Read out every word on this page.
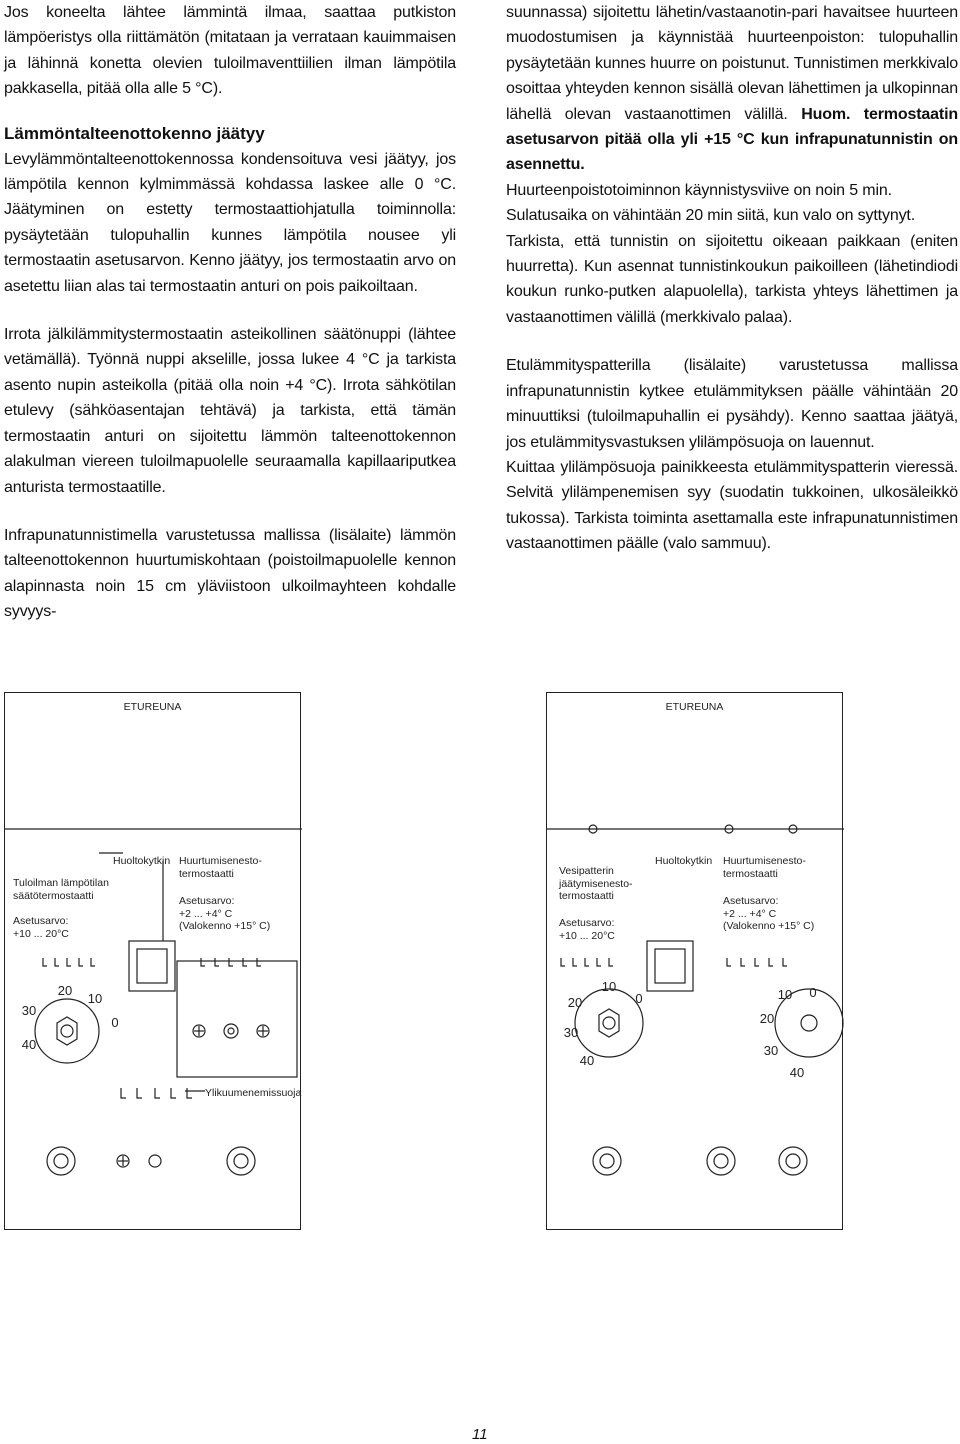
Jos koneelta lähtee lämmintä ilmaa, saattaa putkiston lämpöeristys olla riittämätön (mitataan ja verrataan kauimmaisen ja lähinnä konetta olevien tuloilmaventtiilien ilman lämpötila pakkasella, pitää olla alle 5 °C).

Lämmöntalteenottokenno jäätyy

Levylämmöntalteenottokennossa kondensoituva vesi jäätyy, jos lämpötila kennon kylmimmässä kohdassa laskee alle 0 °C. Jäätyminen on estetty termostaattiohjatulla toiminnolla: pysäytetään tulopuhallin kunnes lämpötila nousee yli termostaatin asetusarvon. Kenno jäätyy, jos termostaatin arvo on asetettu liian alas tai termostaatin anturi on pois paikoiltaan.

Irrota jälkilämmitystermostaatin asteikollinen säätönuppi (lähtee vetämällä). Työnnä nuppi akselille, jossa lukee 4 °C ja tarkista asento nupin asteikolla (pitää olla noin +4 °C). Irrota sähkötilan etulevy (sähköasentajan tehtävä) ja tarkista, että tämän termostaatin anturi on sijoitettu lämmön talteenottokennon alakulman viereen tuloilmapuolelle seuraamalla kapillaariputkea anturista termostaatille.

Infrapunatunnistimella varustetussa mallissa (lisälaite) lämmön talteenottokennon huurtumiskohtaan (poistoilmapuolelle kennon alapinnasta noin 15 cm yläviistoon ulkoilmayhteen kohdalle syvyys-

suunnassa) sijoitettu lähetin/vastaanotin-pari havaitsee huurteen muodostumisen ja käynnistää huurteenpoiston: tulopuhallin pysäytetään kunnes huurre on poistunut. Tunnistimen merkkivalo osoittaa yhteyden kennon sisällä olevan lähettimen ja ulkopinnan lähellä olevan vastaanottimen välillä. Huom. termostaatin asetusarvon pitää olla yli +15 °C kun infrapunatunnistin on asennettu.

Huurteenpoistotoiminnon käynnistysviive on noin 5 min. Sulatusaika on vähintään 20 min siitä, kun valo on syttynyt.

Tarkista, että tunnistin on sijoitettu oikeaan paikkaan (eniten huurretta). Kun asennat tunnistinkoukun paikoilleen (lähetindiodi koukun runko-putken alapuolella), tarkista yhteys lähettimen ja vastaanottimen välillä (merkkivalo palaa).

Etulämmityspatterilla (lisälaite) varustetussa mallissa infrapunatunnistin kytkee etulämmityksen päälle vähintään 20 minuuttiksi (tuloilmapuhallin ei pysähdy). Kenno saattaa jäätyä, jos etulämmitysvastuksen ylilämpösuoja on lauennut.

Kuittaa ylilämpösuoja painikkeesta etulämmityspatterin vieressä. Selvitä ylilämpenemisen syy (suodatin tukkoinen, ulkosäleikkö tukossa). Tarkista toiminta asettamalla este infrapunatunnistimen vastaanottimen päälle (valo sammuu).

20
10
30
0
40
ETUREUNA
Tuloilman lämpötilan
säätötermostaatti
Asetusarvo:
+10 ... 20°C
Huoltokytkin Huurtumisenesto-
termostaatti
Asetusarvo:
+2 ... +4° C
(Valokenno +15° C)
Ylikuumenemissuoja
20
10
0
30
40
10 0
20
30
40
ETUREUNA
Vesipatterin
jäätymisenesto-
termostaatti
Asetusarvo:
+10 ... 20°C
Huoltokytkin Huurtumisenesto-
termostaatti
Asetusarvo:
+2 ... +4° C
(Valokenno +15° C)
11
